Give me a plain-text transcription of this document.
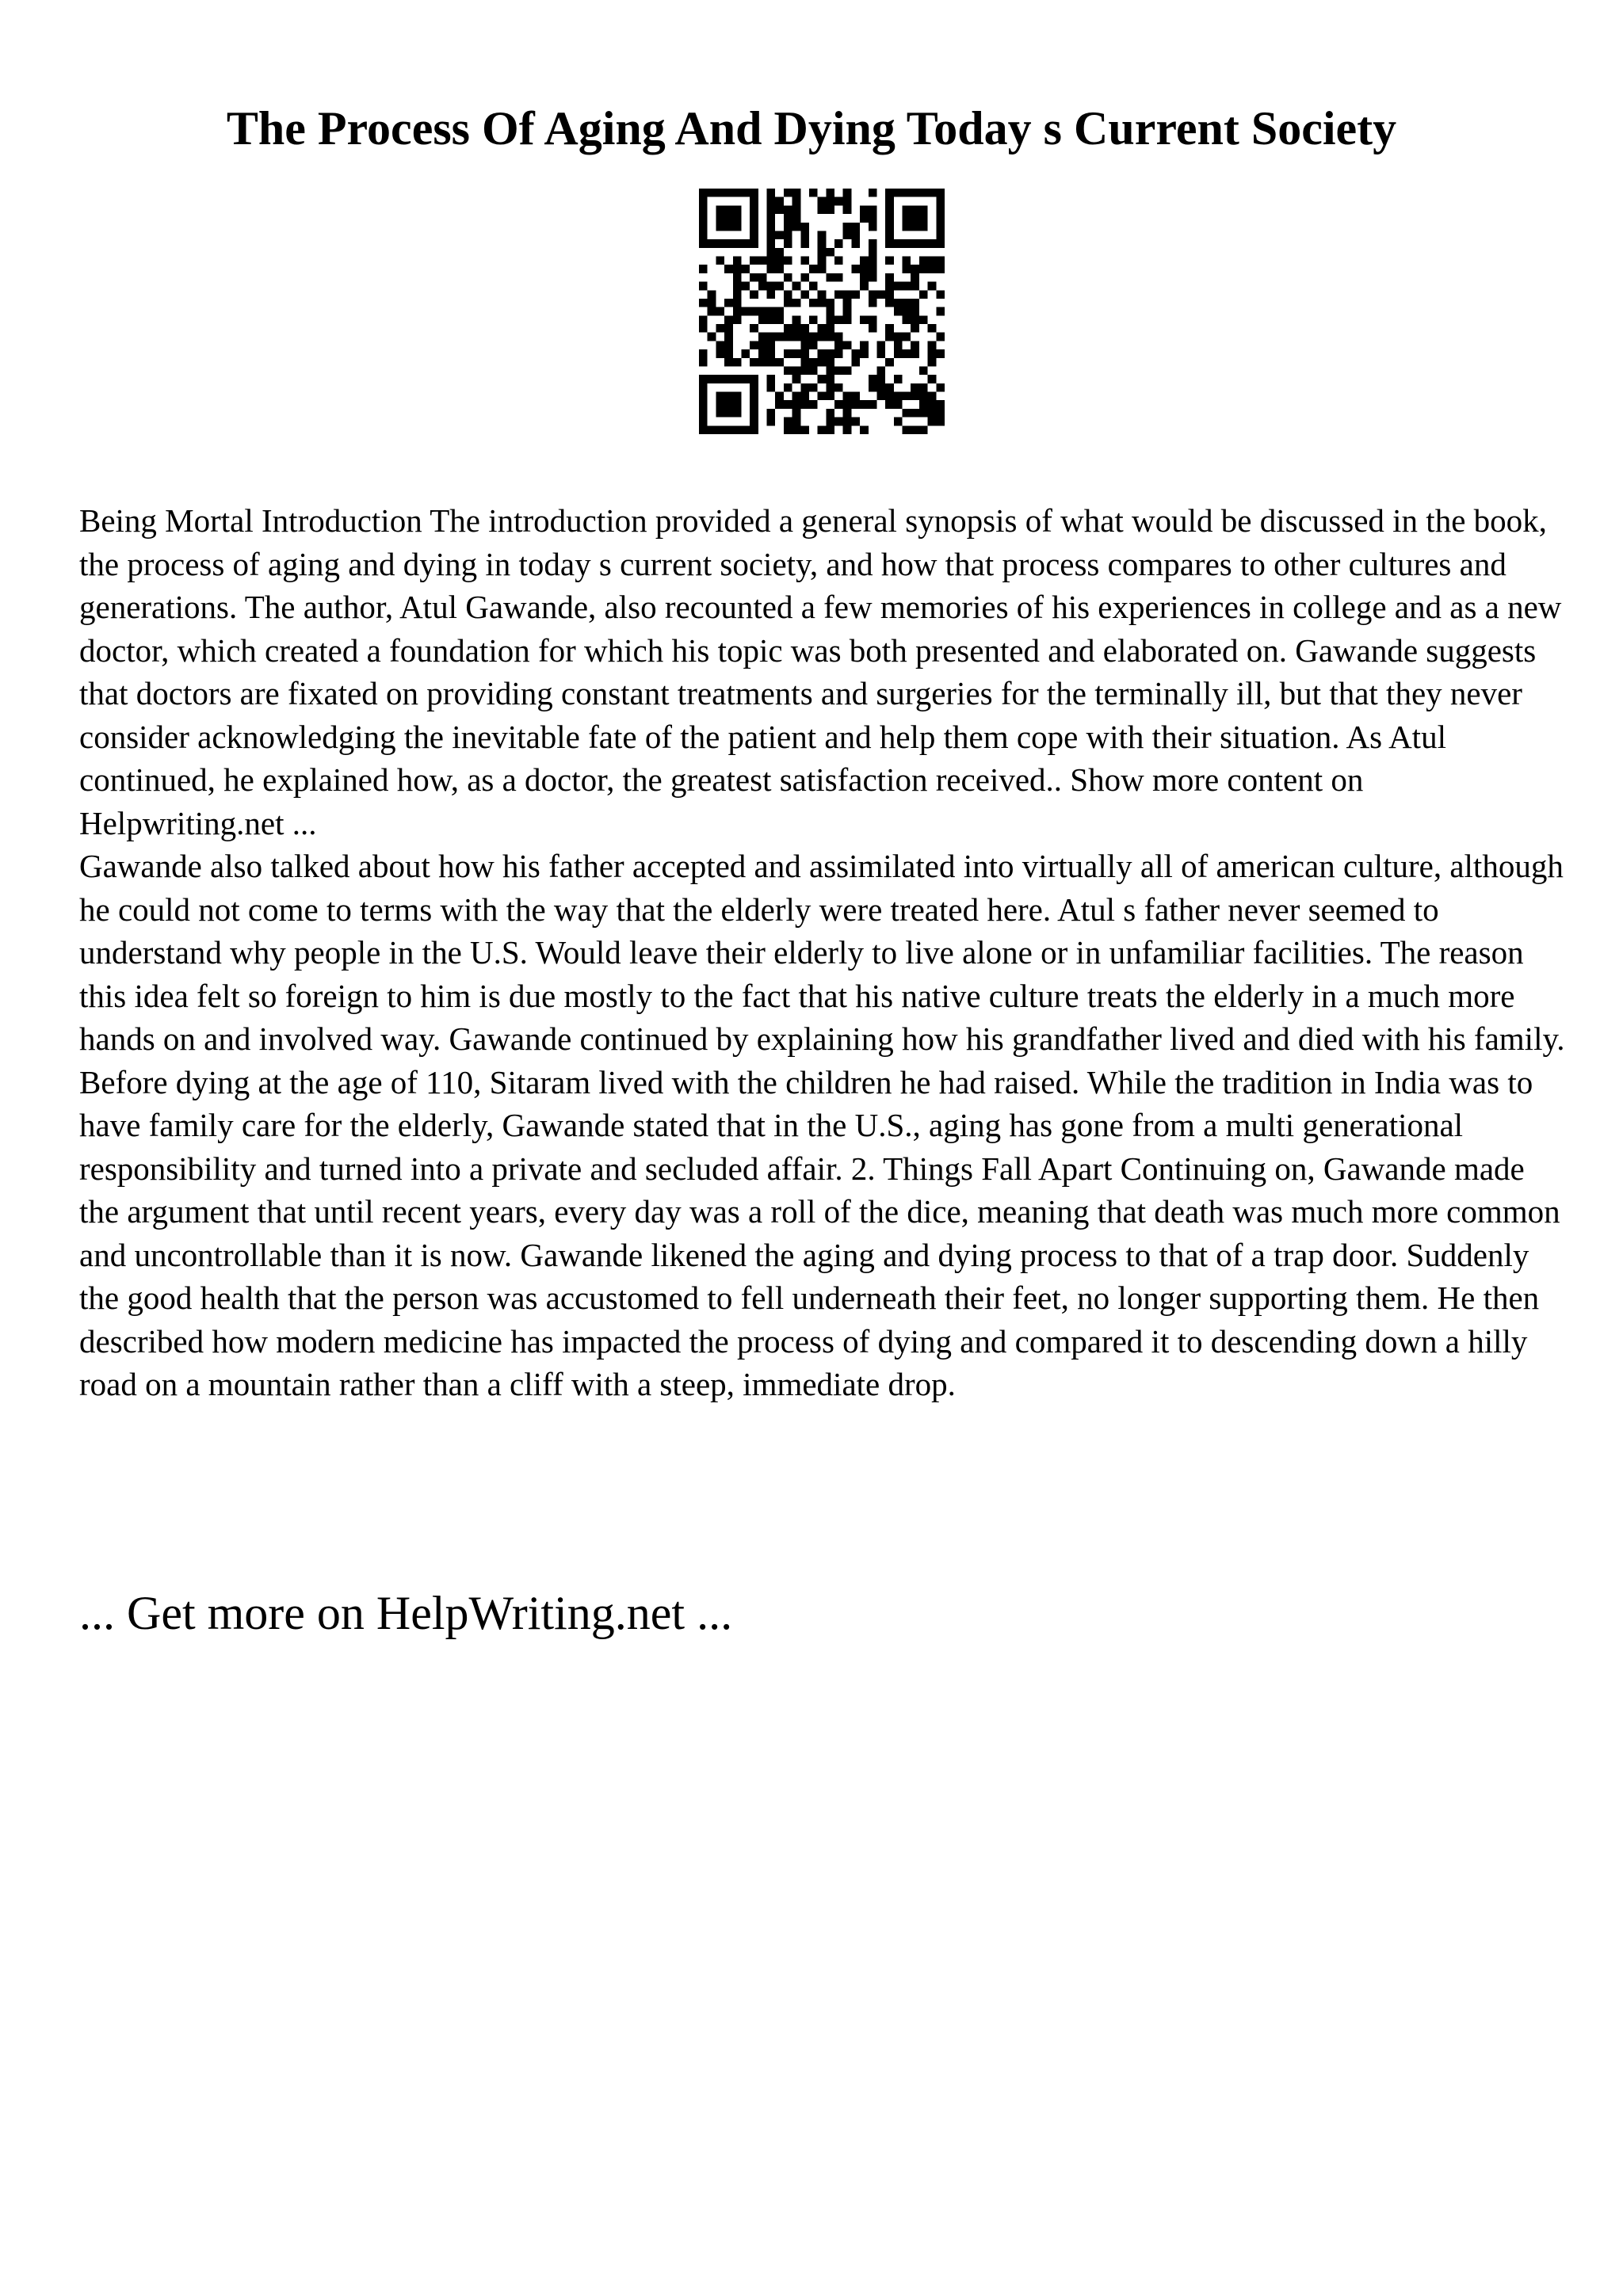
The Process Of Aging And Dying Today s Current Society

Being Mortal Introduction The introduction provided a general synopsis of what would be discussed in the book, the process of aging and dying in today s current society, and how that process compares to other cultures and generations. The author, Atul Gawande, also recounted a few memories of his experiences in college and as a new doctor, which created a foundation for which his topic was both presented and elaborated on. Gawande suggests that doctors are fixated on providing constant treatments and surgeries for the terminally ill, but that they never consider acknowledging the inevitable fate of the patient and help them cope with their situation. As Atul continued, he explained how, as a doctor, the greatest satisfaction received.. Show more content on Helpwriting.net ...

Gawande also talked about how his father accepted and assimilated into virtually all of american culture, although he could not come to terms with the way that the elderly were treated here. Atul s father never seemed to understand why people in the U.S. Would leave their elderly to live alone or in unfamiliar facilities. The reason this idea felt so foreign to him is due mostly to the fact that his native culture treats the elderly in a much more hands on and involved way. Gawande continued by explaining how his grandfather lived and died with his family. Before dying at the age of 110, Sitaram lived with the children he had raised. While the tradition in India was to have family care for the elderly, Gawande stated that in the U.S., aging has gone from a multi generational responsibility and turned into a private and secluded affair. 2. Things Fall Apart Continuing on, Gawande made the argument that until recent years, every day was a roll of the dice, meaning that death was much more common and uncontrollable than it is now. Gawande likened the aging and dying process to that of a trap door. Suddenly the good health that the person was accustomed to fell underneath their feet, no longer supporting them. He then described how modern medicine has impacted the process of dying and compared it to descending down a hilly road on a mountain rather than a cliff with a steep, immediate drop.

... Get more on HelpWriting.net ...
